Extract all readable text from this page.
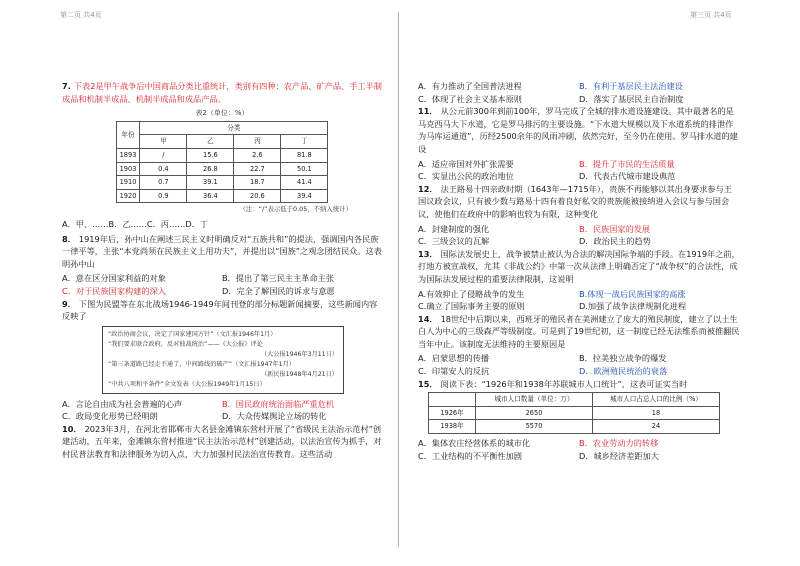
第二页 共4页	第三页 共4页
7. 下表2是甲午战争后中国商品分类比重统计，类别有四种：农产品、矿产品、手工半制成品和机制半成品、机制半成品和成品产品。
表2（单位：%）
年份	分类			
	甲	乙	丙	丁
1893	/	15.6	2.6	81.8
1903	0.4	26.8	22.7	50.1
1910	0.7	39.1	18.7	41.4
1920	0.9	36.4	20.6	39.4
（注：“/”表示低于0.05，不纳入统计）
A．甲、……B．乙……C．丙……D．丁
8． 1919年后，孙中山在阐述三民主义时明确反对“五族共和”的提法，强调国内各民族一律平等，主张“本党尚须在民族主义上用功夫”，并提出以“国族”之观念团结民众。这表明孙中山
A．意在区分国家利益的对象	B．提出了第三民主主革命主张
C．对于民族国家构建的深入	D．完全了解国民的诉求与意愿
9． 下图为民盟等在东北战场1946-1949年间刊登的部分标题新闻摘要，这些新闻内容反映了
“政治协商会议，决定了国家建国方针”（文汇报1946年1月）
“我们要求联合政府，反对独裁统治”——《大公报》评论
（大公报1946年3月11日）
“第三条道路已经走不通了，中间路线的破产”（文汇报1947年1月）
（新民报1948年4月21日）
“中共八项和平条件”全文发表（大公报1949年1月15日）
A．言论自由成为社会普遍的心声	B．国民政府统治面临严重危机
C．政局变化形势已经明朗	D．大众传媒舆论立场的转化
10． 2023年3月，在河北省邯郸市大名县金滩镇东营村开展了“省级民主法治示范村”创建活动，五年来，金滩镇东营村推进“民主法治示范村”创建活动，以法治宣传为抓手，对村民普法教育和法律服务为切入点，大力加强村民法治宣传教育。这些活动
A．有力推动了全国普法进程	B．有利于基层民主法治建设
C．体现了社会主义基本原则	D．落实了基层民主自治制度
11． 从公元前300年到前100年，罗马完成了全城的排水道设施建设。其中最著名的是马克西马大下水道，它是罗马排污的主要设施。“下水道大规模以及下水道系统的排泄作为马库运通道”，历经2500余年的风雨冲刷，依然完好，至今仍在使用。罗马排水道的建设
A．适应帝国对外扩张需要	B．提升了市民的生活质量
C．实显出公民的政治地位	D．代表古代城市建设典范
12． 法王路易十四亲政时期（1643年—1715年），贵族不再能够以其出身要求参与王国议政会议，只有被少数与路易十四有着良好私交的贵族能被接纳进入会议与参与国会议，使他们在政府中的影响也较为有限，这种变化
A．封建制度的强化	B．民族国家的发展
C．三级会议的瓦解	D．政治民主的趋势
13． 国际法发展史上，战争被禁止被认为合法的解决国际争端的手段。在1919年之前，打地方被宣战权，尤其《非战公约》中第一次从法律上明确否定了“战争权”的合法性，成为国际法发展过程的重要法律限制，这说明
A.有效抑止了侵略战争的发生	B.体现一战后民族国家的高涨
C.确立了国际事务主要的原则	D.加强了战争法律规制化进程
14． 18世纪中后期以来，西班牙的殖民者在美洲建立了庞大的殖民制度，建立了以土生白人为中心的三级森严等级制度。可是到了19世纪初，这一制度已经无法维系而被推翻民当年中止。该制度无法维持的主要原因是
A．启蒙思想的传播	B．拉美独立战争的爆发
C．印第安人的反抗	D．欧洲殖民统治的衰落
15． 阅读下表：“1926年和1938年苏联城市人口统计”，这表可证实当时
	城市人口数量（单位：万）	城市人口占总人口的比例（%）
1926年	2650	18
1938年	5570	24
A．集体农庄经营体系的城市化	B．农业劳动力的转移
C．工业结构的不平衡性加剧	D．城乡经济差距加大
